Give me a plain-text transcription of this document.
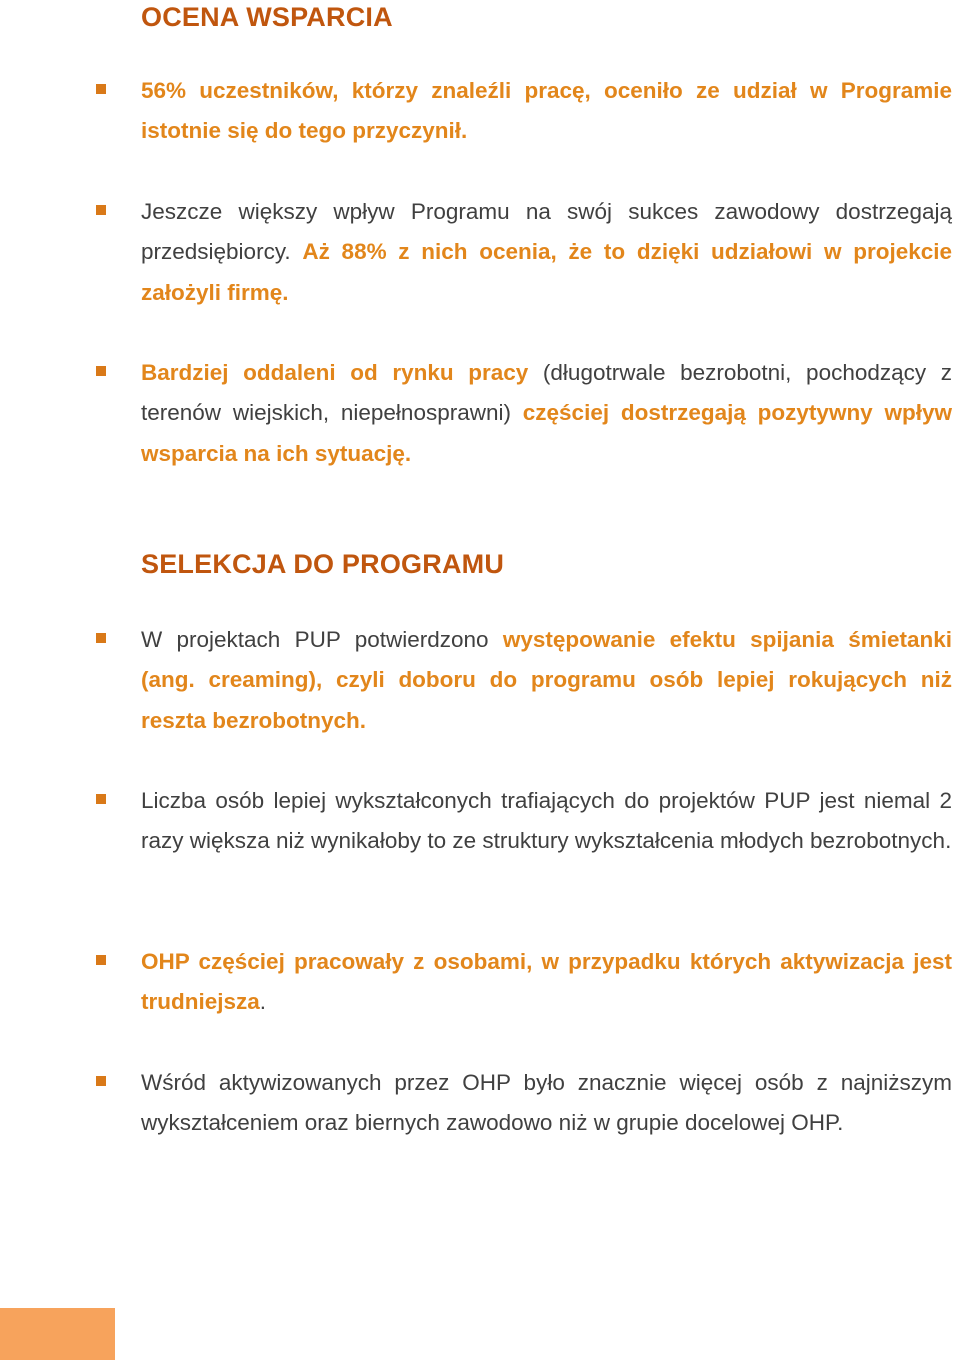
OCENA WSPARCIA

56% uczestników, którzy znaleźli pracę, oceniło ze udział w Programie istotnie się do tego przyczynił.

Jeszcze większy wpływ Programu na swój sukces zawodowy dostrzegają przedsiębiorcy. Aż 88% z nich ocenia, że to dzięki udziałowi w projekcie założyli firmę.

Bardziej oddaleni od rynku pracy (długotrwale bezrobotni, pochodzący z terenów wiejskich, niepełnosprawni) częściej dostrzegają pozytywny wpływ wsparcia na ich sytuację.

SELEKCJA DO PROGRAMU

W projektach PUP potwierdzono występowanie efektu spijania śmietanki (ang. creaming), czyli doboru do programu osób lepiej rokujących niż reszta bezrobotnych.

Liczba osób lepiej wykształconych trafiających do projektów PUP jest niemal 2 razy większa niż wynikałoby to ze struktury wykształcenia młodych bezrobotnych.

OHP częściej pracowały z osobami, w przypadku których aktywizacja jest trudniejsza.

Wśród aktywizowanych przez OHP było znacznie więcej osób z najniższym wykształceniem oraz biernych zawodowo niż w grupie docelowej OHP.
